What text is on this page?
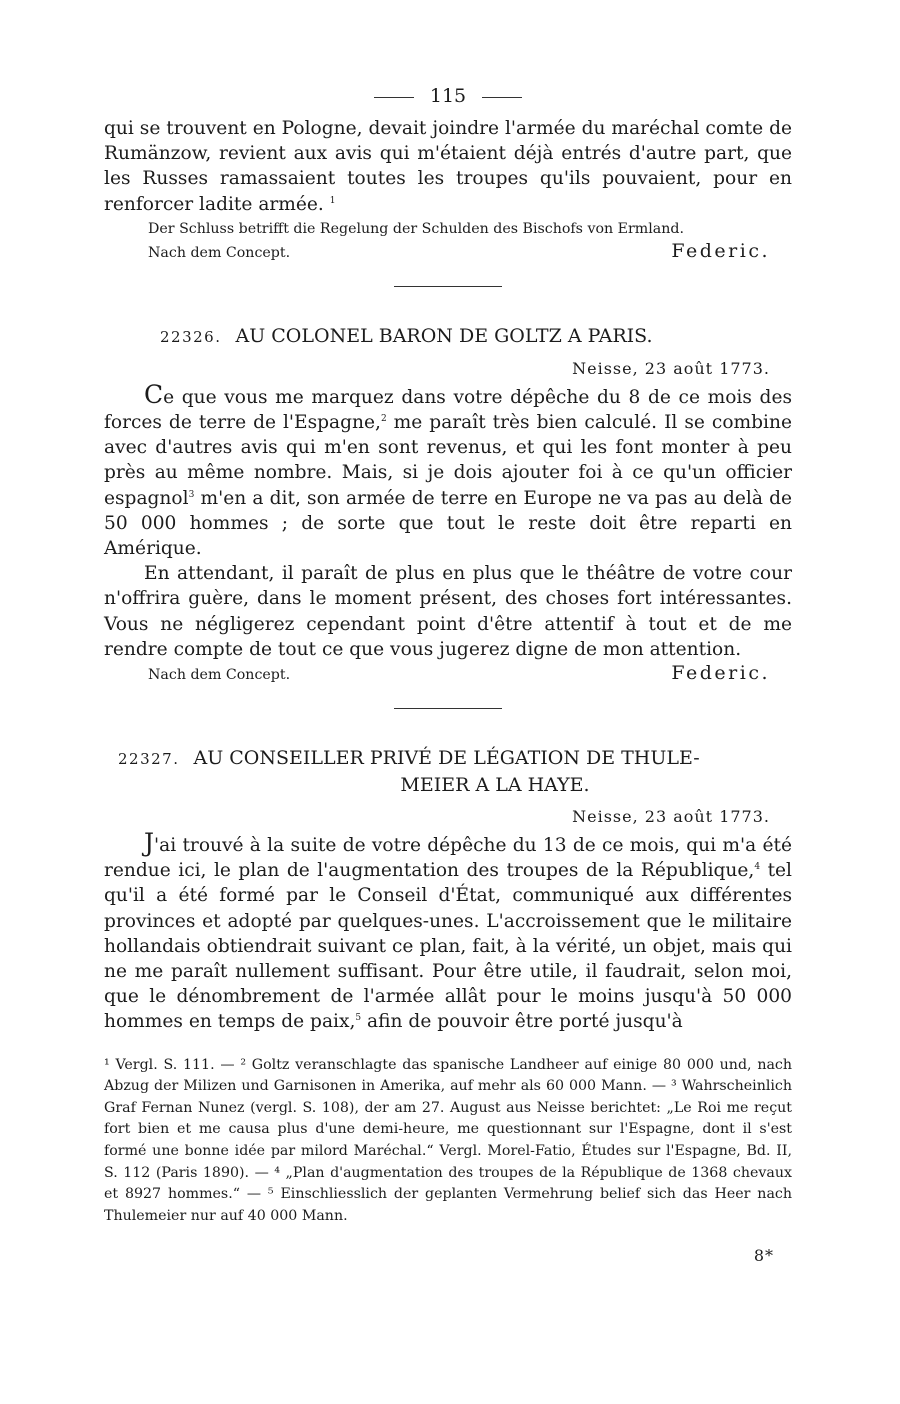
115

qui se trouvent en Pologne, devait joindre l'armée du maréchal comte de Rumänzow, revient aux avis qui m'étaient déjà entrés d'autre part, que les Russes ramassaient toutes les troupes qu'ils pouvaient, pour en renforcer ladite armée. $^1$

Der Schluss betrifft die Regelung der Schulden des Bischofs von Ermland.

Nach dem Concept.	Federic.
22326. AU COLONEL BARON DE GOLTZ A PARIS.
Neisse, 23 août 1773.

Ce que vous me marquez dans votre dépêche du 8 de ce mois des forces de terre de l'Espagne,$^2$ me paraît très bien calculé. Il se combine avec d'autres avis qui m'en sont revenus, et qui les font monter à peu près au même nombre. Mais, si je dois ajouter foi à ce qu'un officier espagnol$^3$ m'en a dit, son armée de terre en Europe ne va pas au delà de 50 000 hommes ; de sorte que tout le reste doit être reparti en Amérique.

En attendant, il paraît de plus en plus que le théâtre de votre cour n'offrira guère, dans le moment présent, des choses fort intéressantes. Vous ne négligerez cependant point d'être attentif à tout et de me rendre compte de tout ce que vous jugerez digne de mon attention.

Nach dem Concept.	Federic.
22327. AU CONSEILLER PRIVÉ DE LÉGATION DE THULE-
MEIER A LA HAYE.
Neisse, 23 août 1773.

J'ai trouvé à la suite de votre dépêche du 13 de ce mois, qui m'a été rendue ici, le plan de l'augmentation des troupes de la République,$^4$ tel qu'il a été formé par le Conseil d'État, communiqué aux différentes provinces et adopté par quelques-unes. L'accroissement que le militaire hollandais obtiendrait suivant ce plan, fait, à la vérité, un objet, mais qui ne me paraît nullement suffisant. Pour être utile, il faudrait, selon moi, que le dénombrement de l'armée allât pour le moins jusqu'à 50 000 hommes en temps de paix,$^5$ afin de pouvoir être porté jusqu'à

¹ Vergl. S. 111. — ² Goltz veranschlagte das spanische Landheer auf einige 80 000 und, nach Abzug der Milizen und Garnisonen in Amerika, auf mehr als 60 000 Mann. — ³ Wahrscheinlich Graf Fernan Nunez (vergl. S. 108), der am 27. August aus Neisse berichtet: „Le Roi me reçut fort bien et me causa plus d'une demi-heure, me questionnant sur l'Espagne, dont il s'est formé une bonne idée par milord Maréchal.“ Vergl. Morel-Fatio, Études sur l'Espagne, Bd. II, S. 112 (Paris 1890). — ⁴ „Plan d'augmentation des troupes de la République de 1368 chevaux et 8927 hommes.“ — ⁵ Einschliesslich der geplanten Vermehrung belief sich das Heer nach Thulemeier nur auf 40 000 Mann.

8*
